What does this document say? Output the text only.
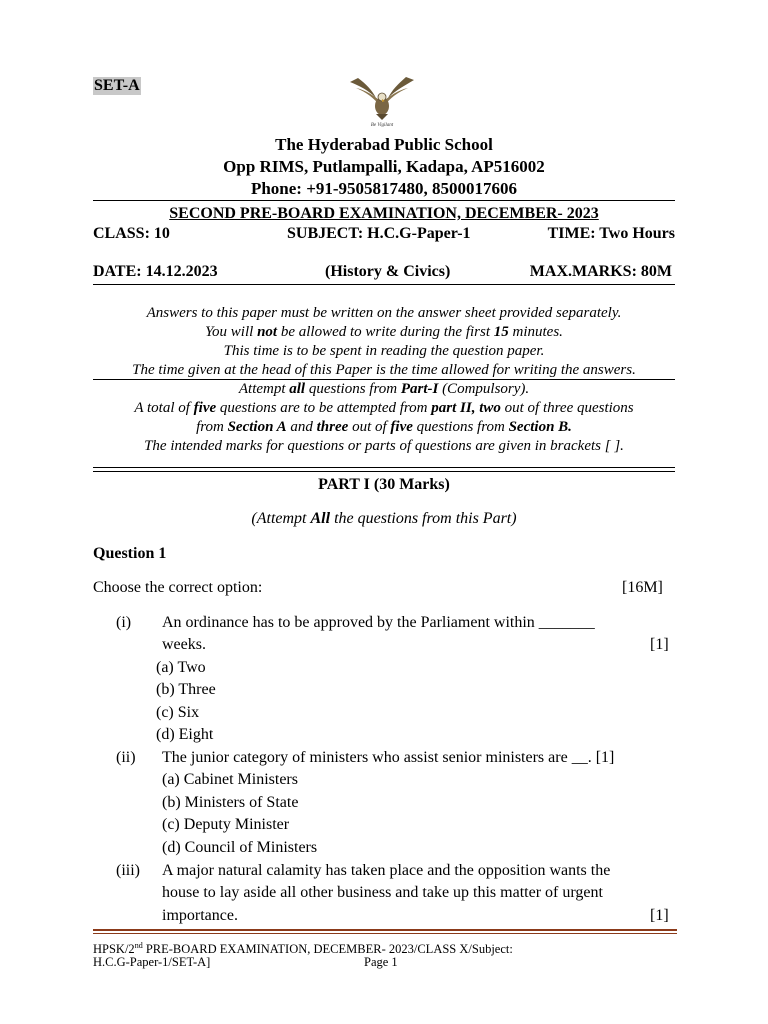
SET-A
Be Vigilant
The Hyderabad Public School
Opp RIMS, Putlampalli, Kadapa, AP516002
Phone: +91-9505817480, 8500017606
SECOND PRE-BOARD EXAMINATION, DECEMBER- 2023
CLASS: 10	SUBJECT: H.C.G-Paper-1	TIME: Two Hours
DATE: 14.12.2023	(History & Civics)	MAX.MARKS: 80M
Answers to this paper must be written on the answer sheet provided separately.
You will not be allowed to write during the first 15 minutes.
This time is to be spent in reading the question paper.
The time given at the head of this Paper is the time allowed for writing the answers.
Attempt all questions from Part-I (Compulsory).
A total of five questions are to be attempted from part II, two out of three questions
from Section A and three out of five questions from Section B.
The intended marks for questions or parts of questions are given in brackets [ ].
PART I (30 Marks)
(Attempt All the questions from this Part)
Question 1
Choose the correct option:	[16M]
(i) An ordinance has to be approved by the Parliament within _______
weeks.	[1]
(a) Two
(b) Three
(c) Six
(d) Eight
(ii) The junior category of ministers who assist senior ministers are __. [1]
(a) Cabinet Ministers
(b) Ministers of State
(c) Deputy Minister
(d) Council of Ministers
(iii) A major natural calamity has taken place and the opposition wants the
house to lay aside all other business and take up this matter of urgent
importance.	[1]
HPSK/2nd PRE-BOARD EXAMINATION, DECEMBER- 2023/CLASS X/Subject:
H.C.G-Paper-1/SET-A]	Page 1
